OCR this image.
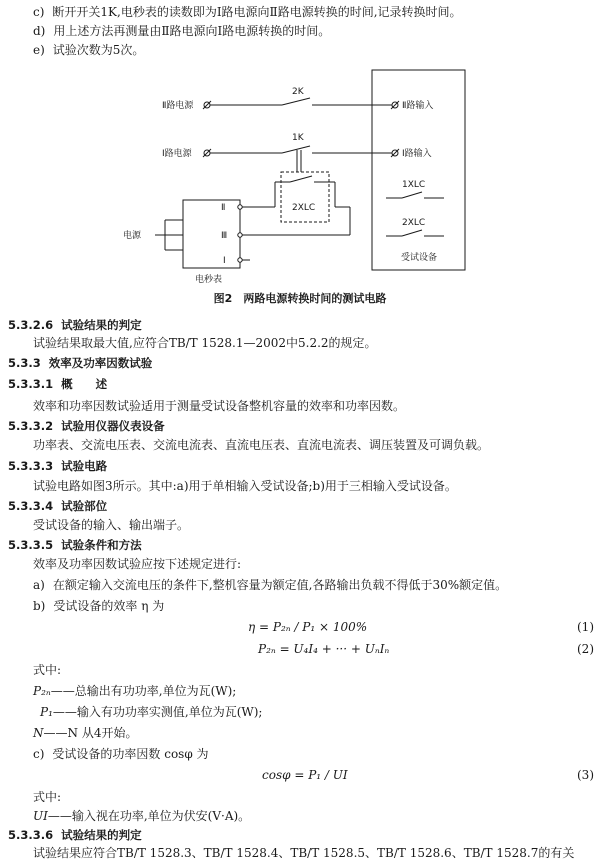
c) 断开开关1K,电秒表的读数即为Ⅰ路电源向Ⅱ路电源转换的时间,记录转换时间。
d) 用上述方法再测量由Ⅱ路电源向Ⅰ路电源转换的时间。
e) 试验次数为5次。
Ⅱ路电源
Ⅰ路电源
2K
1K
Ⅱ路输入
Ⅰ路输入
1XLC
2XLC
2XLC
电源
Ⅱ
Ⅲ
Ⅰ
电秒表
受试设备
图2　两路电源转换时间的测试电路
5.3.2.6 试验结果的判定
试验结果取最大值,应符合TB/T 1528.1—2002中5.2.2的规定。
5.3.3 效率及功率因数试验
5.3.3.1 概　　述
效率和功率因数试验适用于测量受试设备整机容量的效率和功率因数。
5.3.3.2 试验用仪器仪表设备
功率表、交流电压表、交流电流表、直流电压表、直流电流表、调压装置及可调负载。
5.3.3.3 试验电路
试验电路如图3所示。其中:a)用于单相输入受试设备;b)用于三相输入受试设备。
5.3.3.4 试验部位
受试设备的输入、输出端子。
5.3.3.5 试验条件和方法
效率及功率因数试验应按下述规定进行:
a) 在额定输入交流电压的条件下,整机容量为额定值,各路输出负载不得低于30%额定值。
b) 受试设备的效率 η 为
η = P₂ₙ / P₁ × 100%	(1)
P₂ₙ = U₄I₄ + ··· + UₙIₙ	(2)
式中:
P₂ₙ——总输出有功功率,单位为瓦(W);
P₁——输入有功功率实测值,单位为瓦(W);
N——N 从4开始。
c) 受试设备的功率因数 cosφ 为
cosφ = P₁ / UI	(3)
式中:
UI——输入视在功率,单位为伏安(V·A)。
5.3.3.6 试验结果的判定
试验结果应符合TB/T 1528.3、TB/T 1528.4、TB/T 1528.5、TB/T 1528.6、TB/T 1528.7的有关
